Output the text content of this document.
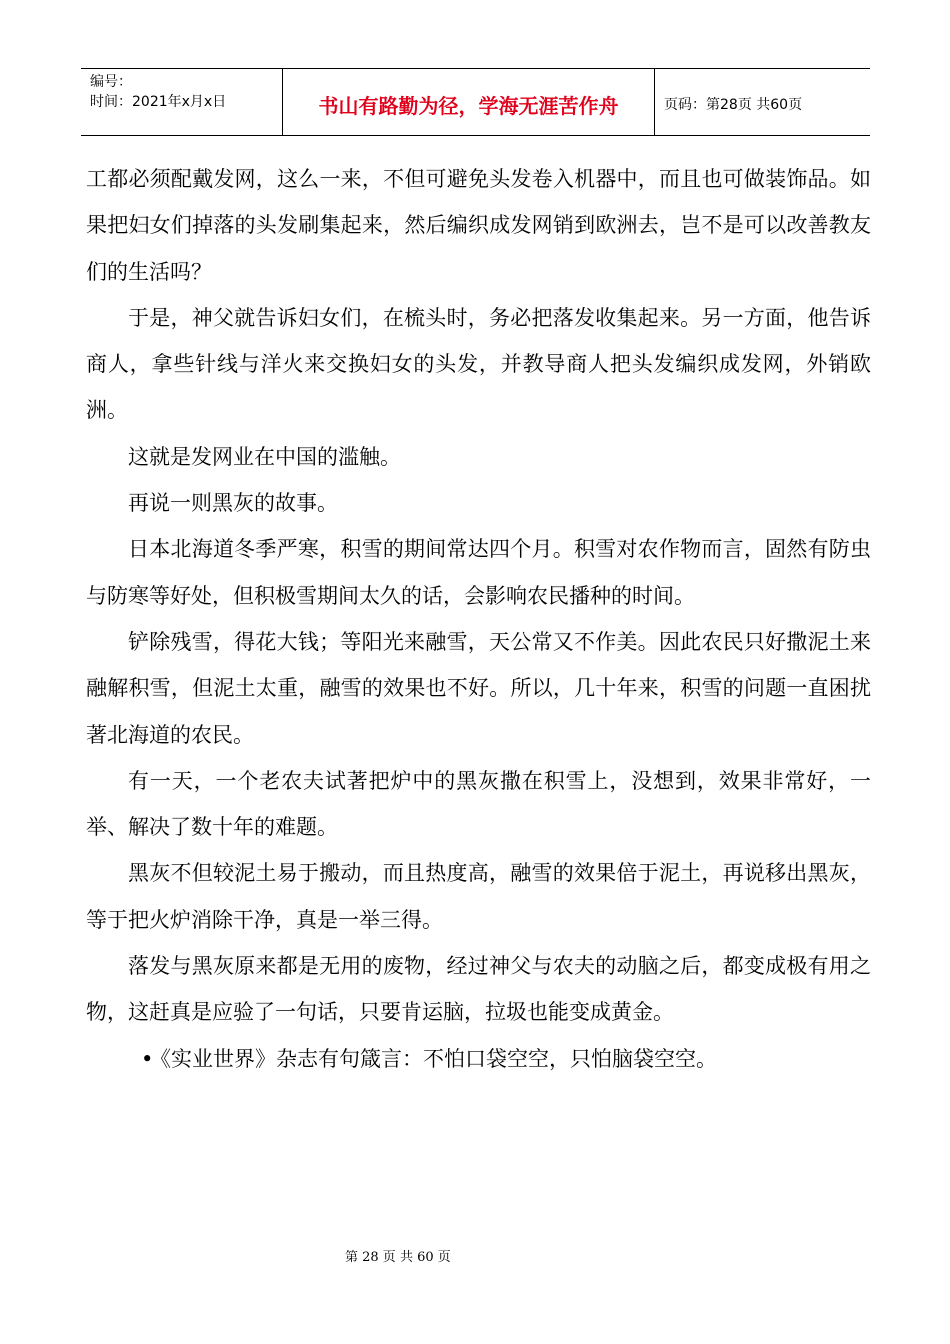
编号：
时间：2021年x月x日	书山有路勤为径，学海无涯苦作舟	页码：第28页 共60页

工都必须配戴发网，这么一来，不但可避免头发卷入机器中，而且也可做装饰品。如果把妇女们掉落的头发刷集起来，然后编织成发网销到欧洲去，岂不是可以改善教友们的生活吗？

于是，神父就告诉妇女们，在梳头时，务必把落发收集起来。另一方面，他告诉商人，拿些针线与洋火来交换妇女的头发，并教导商人把头发编织成发网，外销欧洲。

这就是发网业在中国的滥触。

再说一则黑灰的故事。

日本北海道冬季严寒，积雪的期间常达四个月。积雪对农作物而言，固然有防虫与防寒等好处，但积极雪期间太久的话，会影响农民播种的时间。

铲除残雪，得花大钱；等阳光来融雪，天公常又不作美。因此农民只好撒泥土来融解积雪，但泥土太重，融雪的效果也不好。所以，几十年来，积雪的问题一直困扰著北海道的农民。

有一天，一个老农夫试著把炉中的黑灰撒在积雪上，没想到，效果非常好，一举、解决了数十年的难题。

黑灰不但较泥土易于搬动，而且热度高，融雪的效果倍于泥土，再说移出黑灰，等于把火炉消除干净，真是一举三得。

落发与黑灰原来都是无用的废物，经过神父与农夫的动脑之后，都变成极有用之物，这赶真是应验了一句话，只要肯运脑，拉圾也能变成黄金。

•
《实业世界》杂志有句箴言：不怕口袋空空，只怕脑袋空空。

第 28 页 共 60 页
